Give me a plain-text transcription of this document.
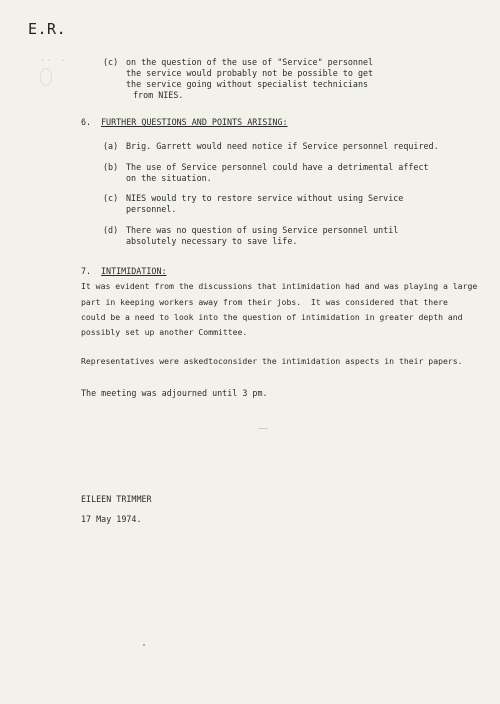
E.R.
·· ·	(c) on the question of the use of "Service" personnel
the service would probably not be possible to get
the service going without specialist technicians
from NIES.
6. FURTHER QUESTIONS AND POINTS ARISING:
(a) Brig. Garrett would need notice if Service personnel required.
(b) The use of Service personnel could have a detrimental affect
on the situation.
(c) NIES would try to restore service without using Service
personnel.
(d) There was no question of using Service personnel until
absolutely necessary to save life.
7. INTIMIDATION:
It was evident from the discussions that intimidation had and was playing a large
part in keeping workers away from their jobs.  It was considered that there
could be a need to look into the question of intimidation in greater depth and
possibly set up another Committee.
Representatives were askedtoconsider the intimidation aspects in their papers.
The meeting was adjourned until 3 pm.
EILEEN TRIMMER
17 May 1974.
